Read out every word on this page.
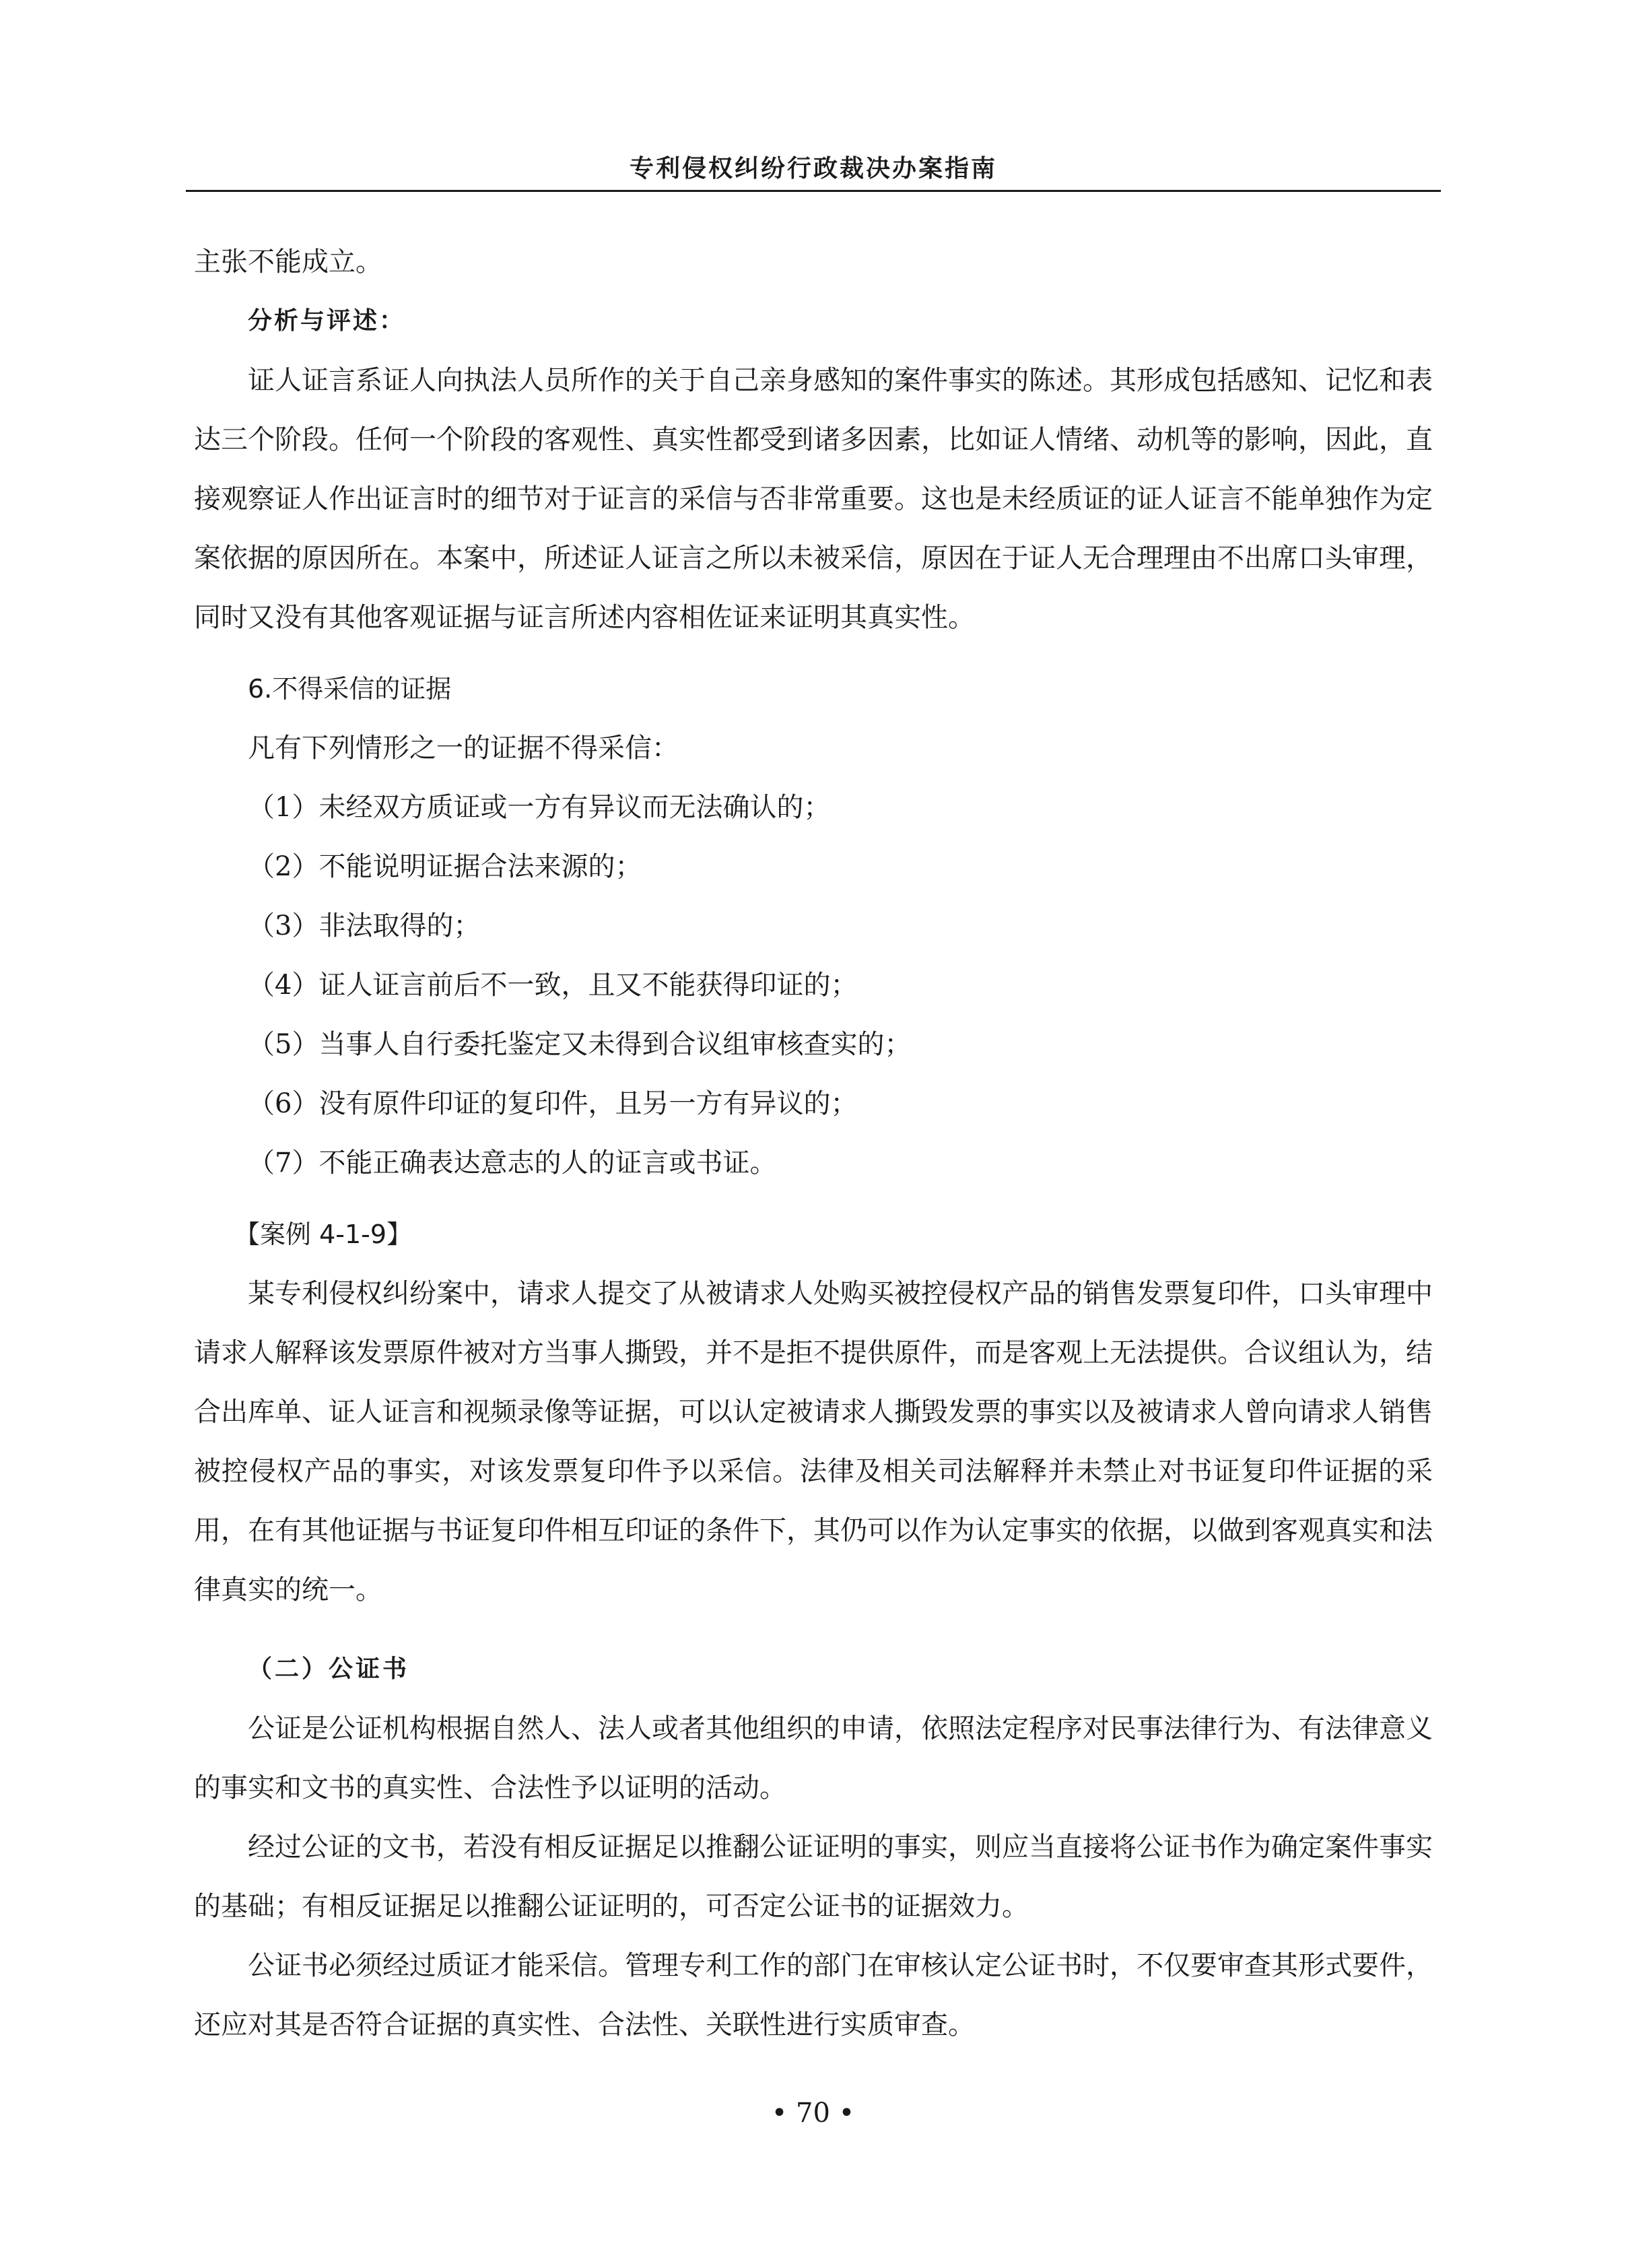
专利侵权纠纷行政裁决办案指南

主张不能成立。

分析与评述：

证人证言系证人向执法人员所作的关于自己亲身感知的案件事实的陈述。其形成包括感知、记忆和表达三个阶段。任何一个阶段的客观性、真实性都受到诸多因素，比如证人情绪、动机等的影响，因此，直接观察证人作出证言时的细节对于证言的采信与否非常重要。这也是未经质证的证人证言不能单独作为定案依据的原因所在。本案中，所述证人证言之所以未被采信，原因在于证人无合理理由不出席口头审理，同时又没有其他客观证据与证言所述内容相佐证来证明其真实性。

6.不得采信的证据

凡有下列情形之一的证据不得采信：

（1）未经双方质证或一方有异议而无法确认的；

（2）不能说明证据合法来源的；

（3）非法取得的；

（4）证人证言前后不一致，且又不能获得印证的；

（5）当事人自行委托鉴定又未得到合议组审核查实的；

（6）没有原件印证的复印件，且另一方有异议的；

（7）不能正确表达意志的人的证言或书证。

【案例 4-1-9】

某专利侵权纠纷案中，请求人提交了从被请求人处购买被控侵权产品的销售发票复印件，口头审理中请求人解释该发票原件被对方当事人撕毁，并不是拒不提供原件，而是客观上无法提供。合议组认为，结合出库单、证人证言和视频录像等证据，可以认定被请求人撕毁发票的事实以及被请求人曾向请求人销售被控侵权产品的事实，对该发票复印件予以采信。法律及相关司法解释并未禁止对书证复印件证据的采用，在有其他证据与书证复印件相互印证的条件下，其仍可以作为认定事实的依据，以做到客观真实和法律真实的统一。

（二）公证书

公证是公证机构根据自然人、法人或者其他组织的申请，依照法定程序对民事法律行为、有法律意义的事实和文书的真实性、合法性予以证明的活动。

经过公证的文书，若没有相反证据足以推翻公证证明的事实，则应当直接将公证书作为确定案件事实的基础；有相反证据足以推翻公证证明的，可否定公证书的证据效力。

公证书必须经过质证才能采信。管理专利工作的部门在审核认定公证书时，不仅要审查其形式要件，还应对其是否符合证据的真实性、合法性、关联性进行实质审查。

• 70 •
